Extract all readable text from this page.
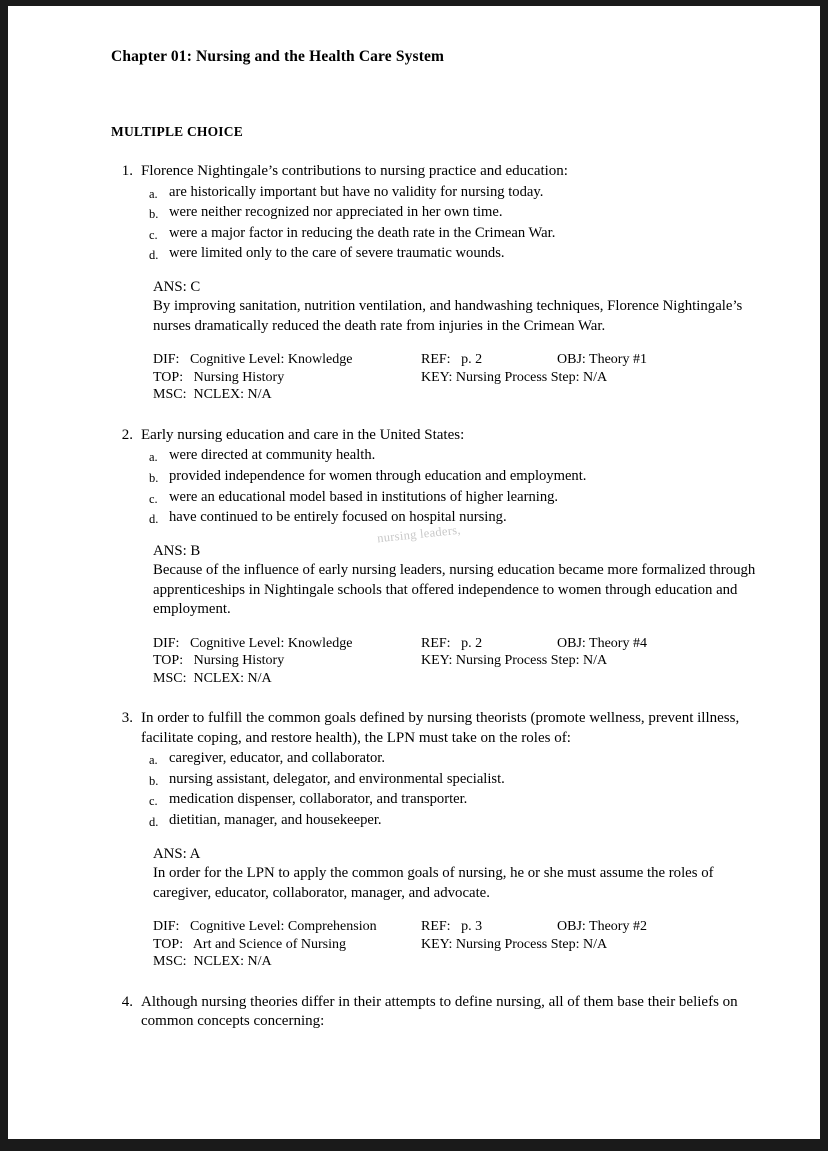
Chapter 01: Nursing and the Health Care System
MULTIPLE CHOICE
1. Florence Nightingale’s contributions to nursing practice and education:
a. are historically important but have no validity for nursing today.
b. were neither recognized nor appreciated in her own time.
c. were a major factor in reducing the death rate in the Crimean War.
d. were limited only to the care of severe traumatic wounds.
ANS: C
By improving sanitation, nutrition ventilation, and handwashing techniques, Florence Nightingale’s nurses dramatically reduced the death rate from injuries in the Crimean War.
DIF:   Cognitive Level: Knowledge	REF:   p. 2	OBJ: Theory #1
TOP:   Nursing History	KEY: Nursing Process Step: N/A
MSC:  NCLEX: N/A
2. Early nursing education and care in the United States:
a. were directed at community health.
b. provided independence for women through education and employment.
c. were an educational model based in institutions of higher learning.
d. have continued to be entirely focused on hospital nursing.
ANS: B
Because of the influence of early nursing leaders, nursing education became more formalized through apprenticeships in Nightingale schools that offered independence to women through education and employment.
DIF:   Cognitive Level: Knowledge	REF:   p. 2	OBJ: Theory #4
TOP:   Nursing History	KEY: Nursing Process Step: N/A
MSC:  NCLEX: N/A
3. In order to fulfill the common goals defined by nursing theorists (promote wellness, prevent illness, facilitate coping, and restore health), the LPN must take on the roles of:
a. caregiver, educator, and collaborator.
b. nursing assistant, delegator, and environmental specialist.
c. medication dispenser, collaborator, and transporter.
d. dietitian, manager, and housekeeper.
ANS: A
In order for the LPN to apply the common goals of nursing, he or she must assume the roles of caregiver, educator, collaborator, manager, and advocate.
DIF:   Cognitive Level: Comprehension	REF:   p. 3	OBJ: Theory #2
TOP:   Art and Science of Nursing	KEY: Nursing Process Step: N/A
MSC:  NCLEX: N/A
4. Although nursing theories differ in their attempts to define nursing, all of them base their beliefs on common concepts concerning:
nursing leaders,
